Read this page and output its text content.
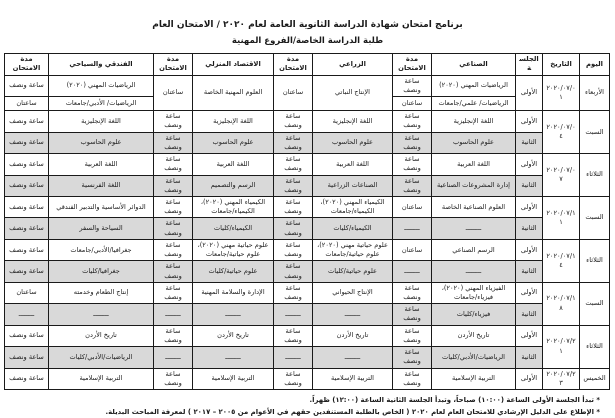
برنامج امتحان شهادة الدراسة الثانوية العامة لعام ٢٠٢٠ / الامتحان العام
طلبة الدراسة الخاصة/الفروع المهنية
اليوم	التاريخ	الجلسة	الصناعي	مدة الامتحان	الزراعي	مدة الامتحان	الاقتصاد المنزلي	مدة الامتحان	الفندقي والسياحي	مدة الامتحان
الأربعاء	٢٠٢٠/٠٧/٠١	الأولى	الرياضيات المهني (٢٠٢٠)	ساعة ونصف	الإنتاج النباتي	ساعتان	العلوم المهنية الخاصة	ساعتان	الرياضيات المهني (٢٠٢٠)	ساعة ونصف
			الرياضيات/ علمي/جامعات	ساعتان					الرياضيات/ الأدبي/جامعات	ساعتان
السبت	٢٠٢٠/٠٧/٠٤	الأولى	اللغة الإنجليزية	ساعة ونصف	اللغة الإنجليزية	ساعة ونصف	اللغة الإنجليزية	ساعة ونصف	اللغة الإنجليزية	ساعة ونصف
		الثانية	علوم الحاسوب	ساعة ونصف	علوم الحاسوب	ساعة ونصف	علوم الحاسوب	ساعة ونصف	علوم الحاسوب	ساعة ونصف
الثلاثاء	٢٠٢٠/٠٧/٠٧	الأولى	اللغة العربية	ساعة ونصف	اللغة العربية	ساعة ونصف	اللغة العربية	ساعة ونصف	اللغة العربية	ساعة ونصف
		الثانية	إدارة المشروعات الصناعية	ساعة ونصف	الصناعات الزراعية	ساعة ونصف	الرسم والتصميم	ساعة ونصف	اللغة الفرنسية	ساعة ونصف
السبت	٢٠٢٠/٠٧/١١	الأولى	العلوم الصناعية الخاصة	ساعتان	الكيمياء المهني (٢٠٢٠)، الكيمياء/جامعات	ساعة ونصف	الكيمياء المهني (٢٠٢٠)، الكيمياء/جامعات	ساعة ونصف	الدوائر الأساسية والتدبير الفندقي	ساعة ونصف
		الثانية	ــــــــ	ــــــــ	الكيمياء/كليات	ساعة ونصف	الكيمياء/كليات	ساعة ونصف	السياحة والسفر	ساعة ونصف
الثلاثاء	٢٠٢٠/٠٧/١٤	الأولى	الرسم الصناعي	ساعتان	علوم حياتية مهني (٢٠٢٠)، علوم حياتية/جامعات	ساعة ونصف	علوم حياتية مهني (٢٠٢٠)، علوم حياتية/جامعات	ساعة ونصف	جغرافيا/الأدبي/جامعات	ساعة ونصف
		الثانية	ــــــــ	ــــــــ	علوم حياتية/كليات	ساعة ونصف	علوم حياتية/كليات	ساعة ونصف	جغرافيا/كليات	ساعة ونصف
السبت	٢٠٢٠/٠٧/١٨	الأولى	الفيزياء المهني (٢٠٢٠)، فيزياء/جامعات	ساعة ونصف	الإنتاج الحيواني	ساعة ونصف	الإدارة والسلامة المهنية	ساعة ونصف	إنتاج الطعام وخدمته	ساعتان
		الثانية	فيزياء/كليات	ساعة ونصف	ــــــــ	ــــــــ	ــــــــ	ــــــــ	ــــــــ	ــــــــ
الثلاثاء	٢٠٢٠/٠٧/٢١	الأولى	تاريخ الأردن	ساعة ونصف	تاريخ الأردن	ساعة ونصف	تاريخ الأردن	ساعة ونصف	تاريخ الأردن	ساعة ونصف
		الثانية	الرياضيات/الأدبي/كليات	ساعة ونصف	ــــــــ	ــــــــ	ــــــــ	ــــــــ	الرياضيات/الأدبي/كليات	ساعة ونصف
الخميس	٢٠٢٠/٠٧/٢٣	الأولى	التربية الإسلامية	ساعة ونصف	التربية الإسلامية	ساعة ونصف	التربية الإسلامية	ساعة ونصف	التربية الإسلامية	ساعة ونصف
* تبدأ الجلسة الأولى الساعة (١٠:٠٠) صباحاً، وتبدأ الجلسة الثانية الساعة (١٢:٠٠) ظهراً.
* الإطلاع على الدليل الإرشادي للامتحان العام لعام ٢٠٢٠ ( الخاص بالطلبة المستنفدين حقهم في الأعوام من ٢٠٠٥ – ٢٠١٧ ) لمعرفة المباحث البديلة.
